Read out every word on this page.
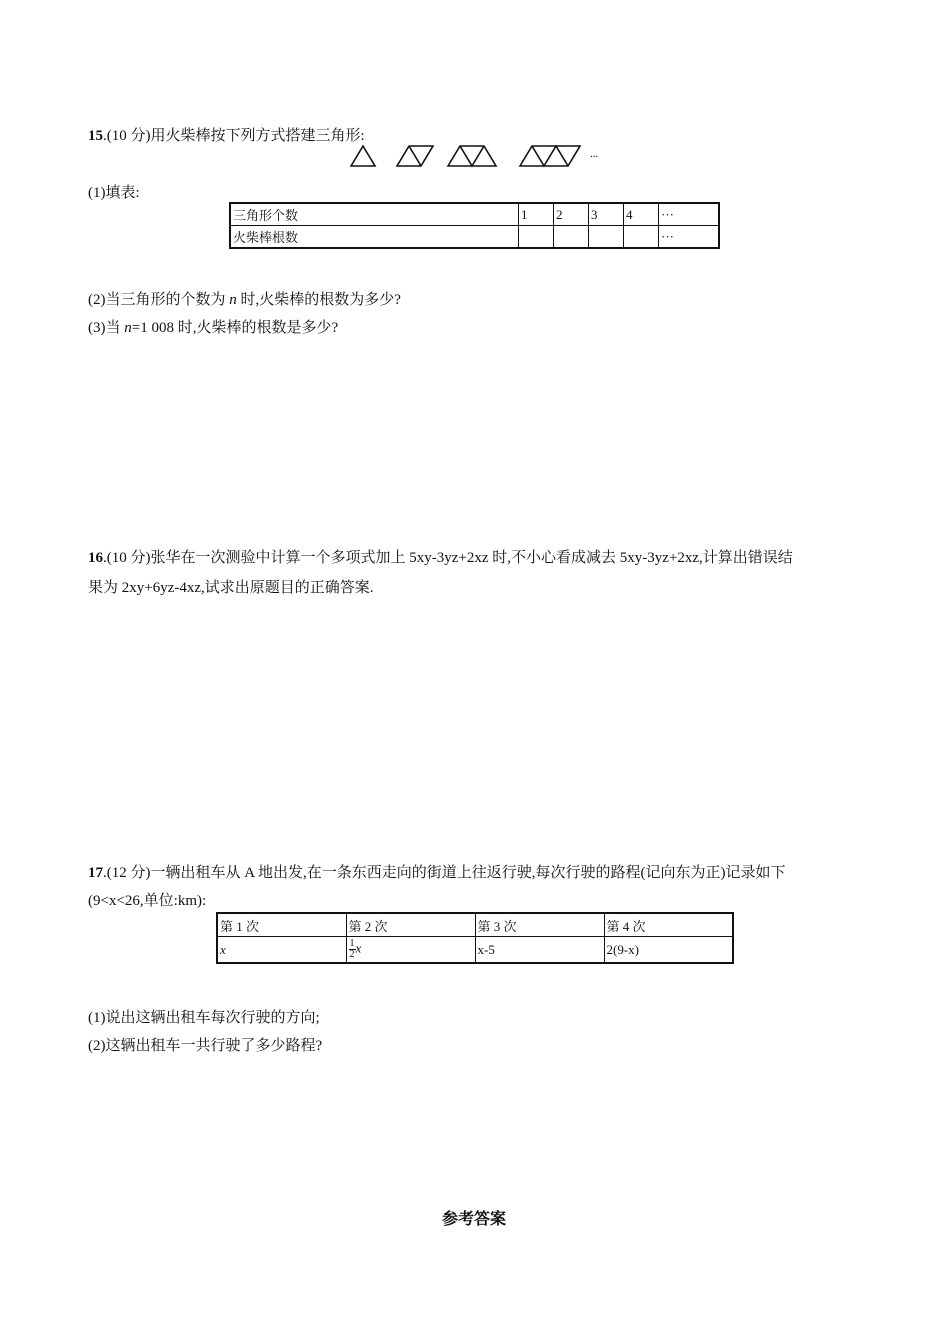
15.(10 分)用火柴棒按下列方式搭建三角形:
...
(1)填表:
三角形个数	1	2	3	4	···
火柴棒根数					···
(2)当三角形的个数为 n 时,火柴棒的根数为多少?
(3)当 n=1 008 时,火柴棒的根数是多少?
16.(10 分)张华在一次测验中计算一个多项式加上 5xy-3yz+2xz 时,不小心看成减去 5xy-3yz+2xz,计算出错误结
果为 2xy+6yz-4xz,试求出原题目的正确答案.
17.(12 分)一辆出租车从 A 地出发,在一条东西走向的街道上往返行驶,每次行驶的路程(记向东为正)记录如下
(9<x<26,单位:km):
第 1 次	第 2 次	第 3 次	第 4 次
x	$\frac{1}{2}$ x	x-5	2(9-x)
(1)说出这辆出租车每次行驶的方向;
(2)这辆出租车一共行驶了多少路程?
参考答案
